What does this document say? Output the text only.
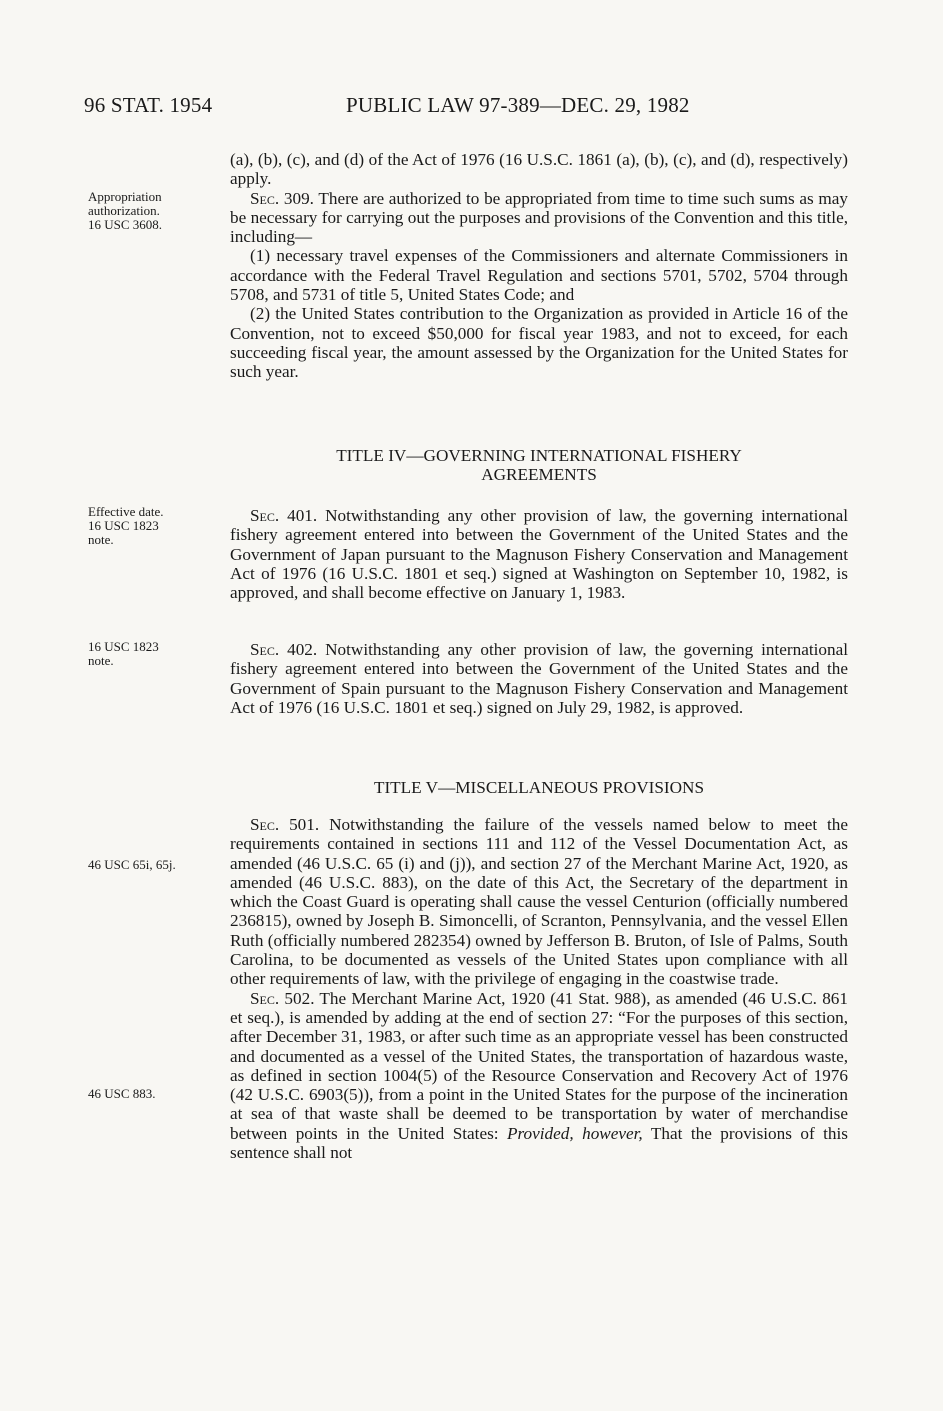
96 STAT. 1954	PUBLIC LAW 97-389—DEC. 29, 1982
Appropriation
authorization.
16 USC 3608.
Effective date.
16 USC 1823
note.
16 USC 1823
note.
46 USC 65i, 65j.
46 USC 883.

(a), (b), (c), and (d) of the Act of 1976 (16 U.S.C. 1861 (a), (b), (c), and (d), respectively) apply.

Sec. 309. There are authorized to be appropriated from time to time such sums as may be necessary for carrying out the purposes and provisions of the Convention and this title, including—

(1) necessary travel expenses of the Commissioners and alternate Commissioners in accordance with the Federal Travel Regulation and sections 5701, 5702, 5704 through 5708, and 5731 of title 5, United States Code; and

(2) the United States contribution to the Organization as provided in Article 16 of the Convention, not to exceed $50,000 for fiscal year 1983, and not to exceed, for each succeeding fiscal year, the amount assessed by the Organization for the United States for such year.

TITLE IV—GOVERNING INTERNATIONAL FISHERY

AGREEMENTS

Sec. 401. Notwithstanding any other provision of law, the governing international fishery agreement entered into between the Government of the United States and the Government of Japan pursuant to the Magnuson Fishery Conservation and Management Act of 1976 (16 U.S.C. 1801 et seq.) signed at Washington on September 10, 1982, is approved, and shall become effective on January 1, 1983.

Sec. 402. Notwithstanding any other provision of law, the governing international fishery agreement entered into between the Government of the United States and the Government of Spain pursuant to the Magnuson Fishery Conservation and Management Act of 1976 (16 U.S.C. 1801 et seq.) signed on July 29, 1982, is approved.

TITLE V—MISCELLANEOUS PROVISIONS

Sec. 501. Notwithstanding the failure of the vessels named below to meet the requirements contained in sections 111 and 112 of the Vessel Documentation Act, as amended (46 U.S.C. 65 (i) and (j)), and section 27 of the Merchant Marine Act, 1920, as amended (46 U.S.C. 883), on the date of this Act, the Secretary of the department in which the Coast Guard is operating shall cause the vessel Centurion (officially numbered 236815), owned by Joseph B. Simoncelli, of Scranton, Pennsylvania, and the vessel Ellen Ruth (officially numbered 282354) owned by Jefferson B. Bruton, of Isle of Palms, South Carolina, to be documented as vessels of the United States upon compliance with all other requirements of law, with the privilege of engaging in the coastwise trade.

Sec. 502. The Merchant Marine Act, 1920 (41 Stat. 988), as amended (46 U.S.C. 861 et seq.), is amended by adding at the end of section 27: “For the purposes of this section, after December 31, 1983, or after such time as an appropriate vessel has been constructed and documented as a vessel of the United States, the transportation of hazardous waste, as defined in section 1004(5) of the Resource Conservation and Recovery Act of 1976 (42 U.S.C. 6903(5)), from a point in the United States for the purpose of the incineration at sea of that waste shall be deemed to be transportation by water of merchandise between points in the United States: Provided, however, That the provisions of this sentence shall not
